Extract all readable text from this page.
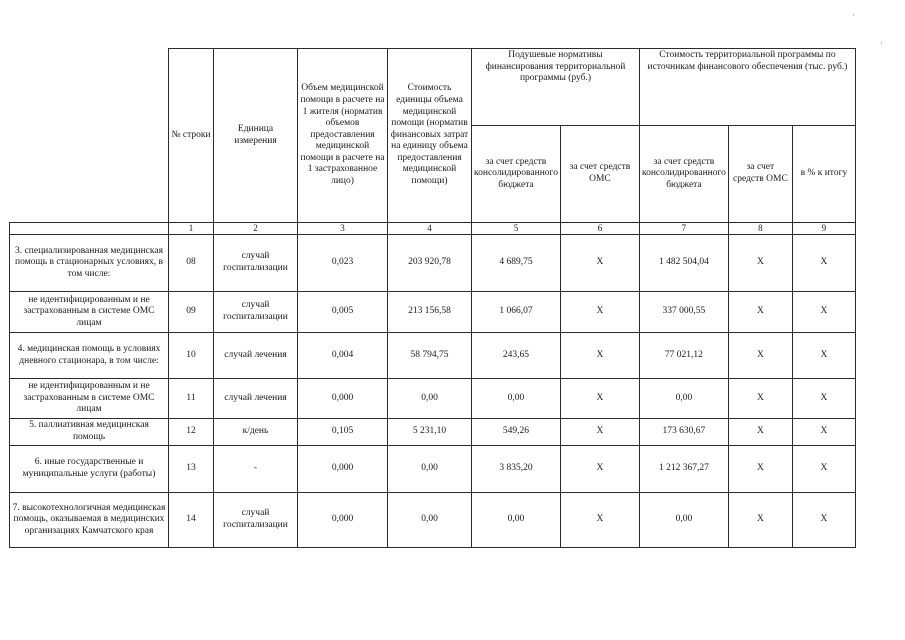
·
·
	№ строки	Единица измерения	Объем медицинской помощи в расчете на 1 жителя (норматив объемов предоставления медицинской помощи в расчете на 1 застрахованное лицо)	Стоимость единицы объема медицинской помощи (норматив финансовых затрат на единицу объема предоставления медицинской помощи)	Подушевые нормативы финансирования территориальной программы (руб.)		Стоимость территориальной программы по источникам финансового обеспечения (тыс. руб.)		
					за счет средств консолидированного бюджета	за счет средств ОМС	за счет средств консолидированного бюджета	за счет средств ОМС	в % к итогу
	1	2	3	4	5	6	7	8	9
3. специализированная медицинская помощь в стационарных условиях, в том числе:	08	случай госпитализации	0,023	203 920,78	4 689,75	X	1 482 504,04	X	X
не идентифицированным и не застрахованным в системе ОМС лицам	09	случай госпитализации	0,005	213 156,58	1 066,07	X	337 000,55	X	X
4. медицинская помощь в условиях дневного стационара, в том числе:	10	случай лечения	0,004	58 794,75	243,65	X	77 021,12	X	X
не идентифицированным и не застрахованным в системе ОМС лицам	11	случай лечения	0,000	0,00	0,00	X	0,00	X	X
5. паллиативная медицинская помощь	12	к/день	0,105	5 231,10	549,26	X	173 630,67	X	X
6. иные государственные и муниципальные услуги (работы)	13	-	0,000	0,00	3 835,20	X	1 212 367,27	X	X
7. высокотехнологичная медицинская помощь, оказываемая в медицинских организациях Камчатского края	14	случай госпитализации	0,000	0,00	0,00	X	0,00	X	X
